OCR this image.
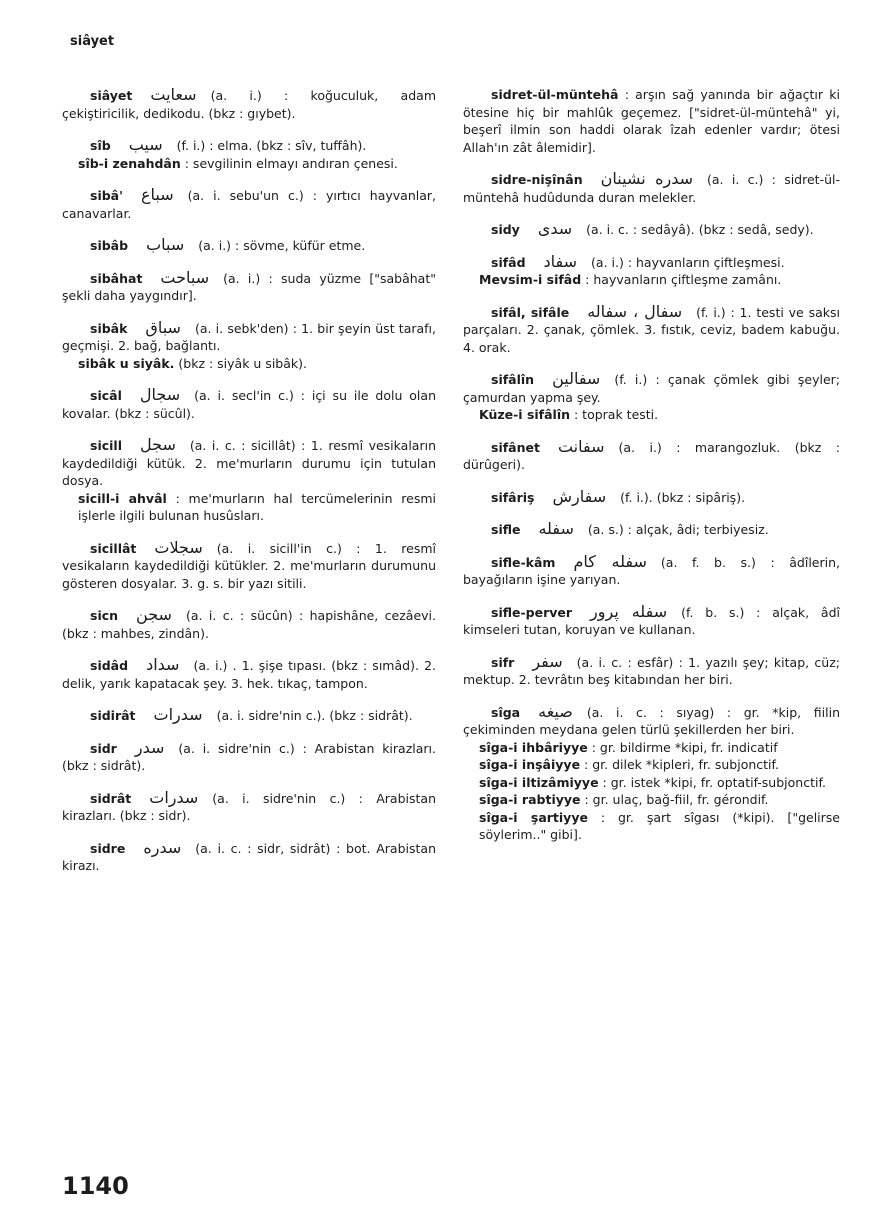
siâyet
siâyet سعايت (a. i.) : koğuculuk, adam çekiştiricilik, dedikodu. (bkz : gıybet).
sîb سيب (f. i.) : elma. (bkz : sîv, tuffâh).
sîb-i zenahdân : sevgilinin elmayı andıran çenesi.
sibâ' سباع (a. i. sebu'un c.) : yırtıcı hayvanlar, canavarlar.
sibâb سباب (a. i.) : sövme, küfür etme.
sibâhat سباحت (a. i.) : suda yüzme ["sabâhat" şekli daha yaygındır].
sibâk سباق (a. i. sebk'den) : 1. bir şeyin üst tarafı, geçmişi. 2. bağ, bağlantı.
sibâk u siyâk. (bkz : siyâk u sibâk).
sicâl سجال (a. i. secl'in c.) : içi su ile dolu olan kovalar. (bkz : sücûl).
sicill سجل (a. i. c. : sicillât) : 1. resmî vesikaların kaydedildiği kütük. 2. me'murların durumu için tutulan dosya.
sicill-i ahvâl : me'murların hal tercümelerinin resmi işlerle ilgili bulunan husûsları.
sicillât سجلات (a. i. sicill'in c.) : 1. resmî vesikaların kaydedildiği kütükler. 2. me'murların durumunu gösteren dosyalar. 3. g. s. bir yazı sitili.
sicn سجن (a. i. c. : sücûn) : hapishâne, cezâevi. (bkz : mahbes, zindân).
sidâd سداد (a. i.) . 1. şişe tıpası. (bkz : sımâd). 2. delik, yarık kapatacak şey. 3. hek. tıkaç, tampon.
sidirât سدرات (a. i. sidre'nin c.). (bkz : sidrât).
sidr سدر (a. i. sidre'nin c.) : Arabistan kirazları. (bkz : sidrât).
sidrât سدرات (a. i. sidre'nin c.) : Arabistan kirazları. (bkz : sidr).
sidre سدره (a. i. c. : sidr, sidrât) : bot. Arabistan kirazı.
sidret-ül-müntehâ : arşın sağ yanında bir ağaçtır ki ötesine hiç bir mahlûk geçemez. ["sidret-ül-müntehâ" yi, beşerî ilmin son haddi olarak îzah edenler vardır; ötesi Allah'ın zât âlemidir].
sidre-nişînân سدره نشينان (a. i. c.) : sidret-ül-müntehâ hudûdunda duran melekler.
sidy سدى (a. i. c. : sedâyâ). (bkz : sedâ, sedy).
sifâd سفاد (a. i.) : hayvanların çiftleşmesi.
Mevsim-i sifâd : hayvanların çiftleşme zamânı.
sifâl, sifâle سفال ، سفاله (f. i.) : 1. testi ve saksı parçaları. 2. çanak, çömlek. 3. fıstık, ceviz, badem kabuğu. 4. orak.
sifâlîn سفالين (f. i.) : çanak çömlek gibi şeyler; çamurdan yapma şey.
Küze-i sifâlîn : toprak testi.
sifânet سفانت (a. i.) : marangozluk. (bkz : dürûgeri).
sifâriş سفارش (f. i.). (bkz : sipâriş).
sifle سفله (a. s.) : alçak, âdi; terbiyesiz.
sifle-kâm سفله كام (a. f. b. s.) : âdîlerin, bayağıların işine yarıyan.
sifle-perver سفله پرور (f. b. s.) : alçak, âdî kimseleri tutan, koruyan ve kullanan.
sifr سفر (a. i. c. : esfâr) : 1. yazılı şey; kitap, cüz; mektup. 2. tevrâtın beş kitabından her biri.
sîga صيغه (a. i. c. : sıyag) : gr. *kip, fiilin çekiminden meydana gelen türlü şekillerden her biri.
sîga-i ihbâriyye : gr. bildirme *kipi, fr. indicatif
sîga-i inşâiyye : gr. dilek *kipleri, fr. subjonctif.
sîga-i iltizâmiyye : gr. istek *kipi, fr. optatif-subjonctif.
sîga-i rabtiyye : gr. ulaç, bağ-fiil, fr. gérondif.
sîga-i şartiyye : gr. şart sîgası (*kipi). ["gelirse söylerim.." gibi].
1140
